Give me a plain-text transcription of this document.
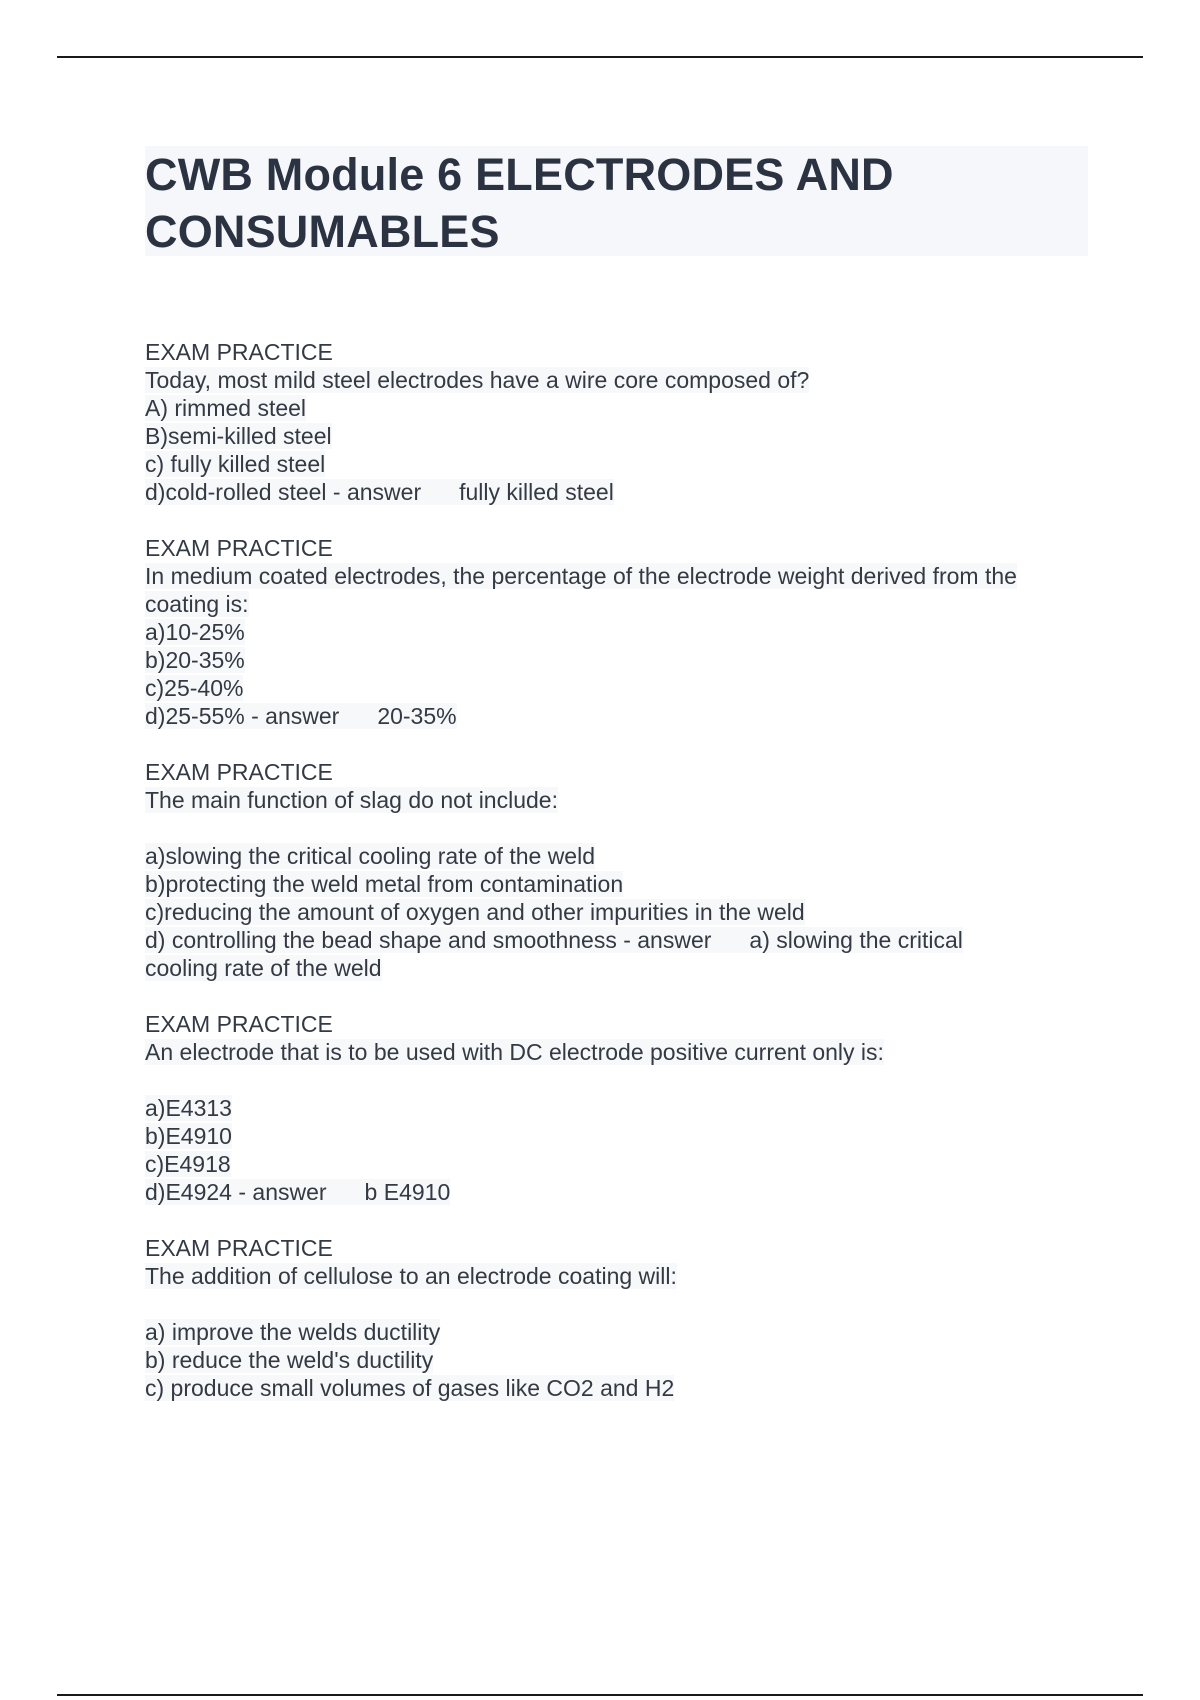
CWB Module 6 ELECTRODES AND
CONSUMABLES
EXAM PRACTICE
Today, most mild steel electrodes have a wire core composed of?
A) rimmed steel
B)semi-killed steel
c) fully killed steel
d)cold-rolled steel - answer fully killed steel
EXAM PRACTICE
In medium coated electrodes, the percentage of the electrode weight derived from the
coating is:
a)10-25%
b)20-35%
c)25-40%
d)25-55% - answer 20-35%
EXAM PRACTICE
The main function of slag do not include:
a)slowing the critical cooling rate of the weld
b)protecting the weld metal from contamination
c)reducing the amount of oxygen and other impurities in the weld
d) controlling the bead shape and smoothness - answer a) slowing the critical
cooling rate of the weld
EXAM PRACTICE
An electrode that is to be used with DC electrode positive current only is:
a)E4313
b)E4910
c)E4918
d)E4924 - answer b E4910
EXAM PRACTICE
The addition of cellulose to an electrode coating will:
a) improve the welds ductility
b) reduce the weld's ductility
c) produce small volumes of gases like CO2 and H2
